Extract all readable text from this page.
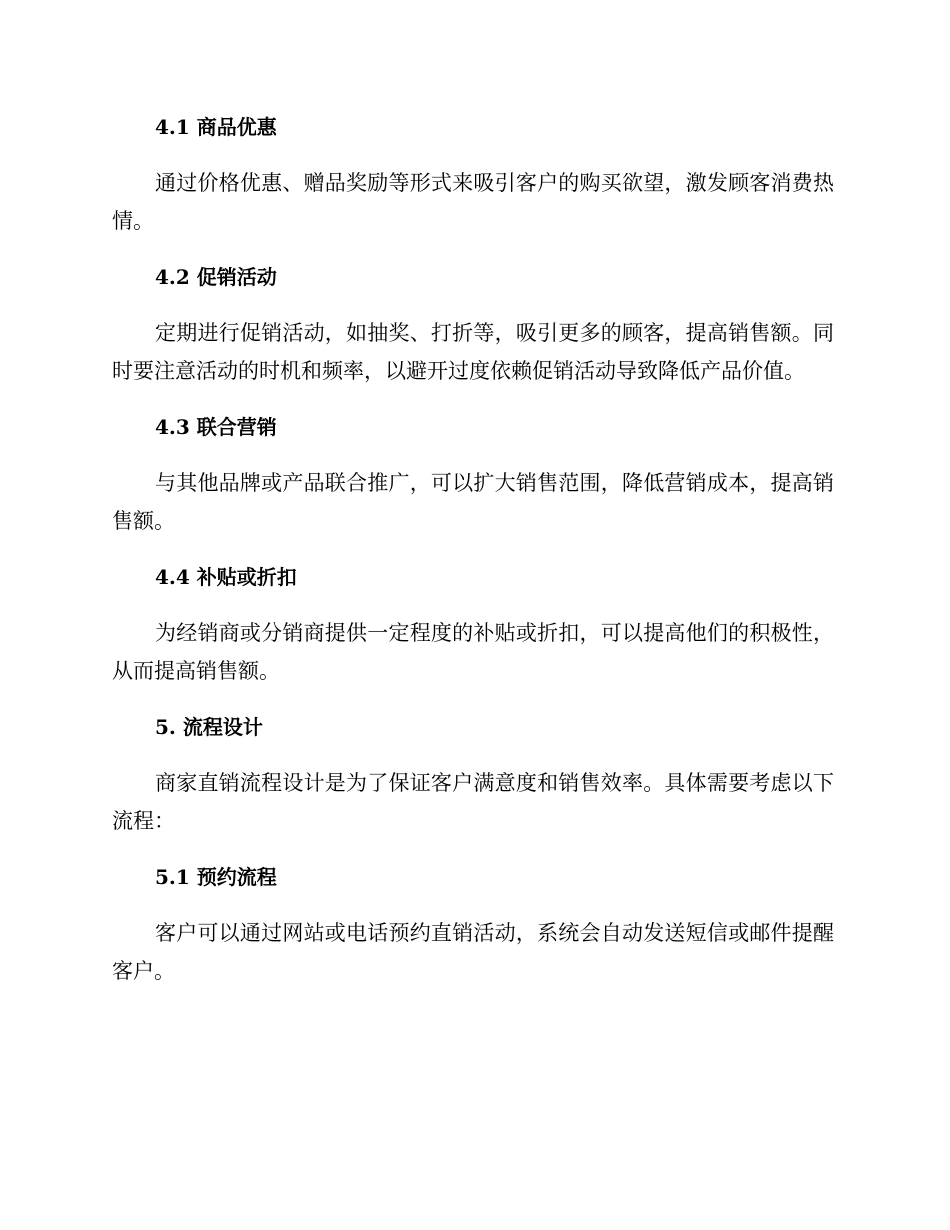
4.1 商品优惠

通过价格优惠、赠品奖励等形式来吸引客户的购买欲望，激发顾客消费热情。

4.2 促销活动

定期进行促销活动，如抽奖、打折等，吸引更多的顾客，提高销售额。同时要注意活动的时机和频率，以避开过度依赖促销活动导致降低产品价值。

4.3 联合营销

与其他品牌或产品联合推广，可以扩大销售范围，降低营销成本，提高销售额。

4.4 补贴或折扣

为经销商或分销商提供一定程度的补贴或折扣，可以提高他们的积极性，从而提高销售额。

5. 流程设计

商家直销流程设计是为了保证客户满意度和销售效率。具体需要考虑以下流程：

5.1 预约流程

客户可以通过网站或电话预约直销活动，系统会自动发送短信或邮件提醒客户。
